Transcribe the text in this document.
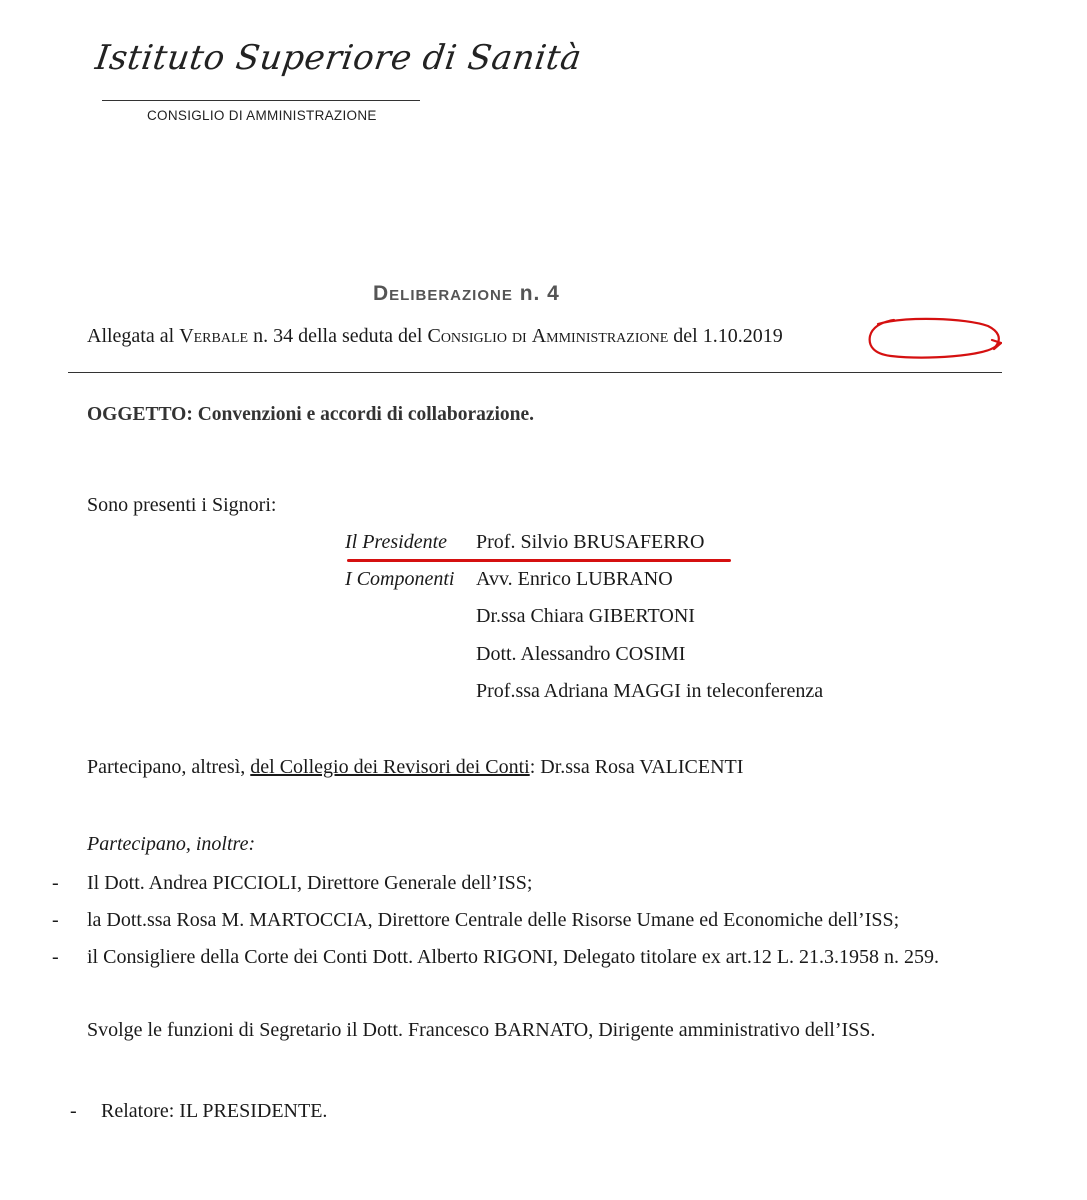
Istituto Superiore di Sanità
CONSIGLIO DI AMMINISTRAZIONE
Deliberazione n. 4
Allegata al Verbale n. 34 della seduta del Consiglio di Amministrazione del 1.10.2019
OGGETTO: Convenzioni e accordi di collaborazione.
Sono presenti i Signori:
Il Presidente Prof. Silvio BRUSAFERRO
I Componenti Avv. Enrico LUBRANO
Dr.ssa Chiara GIBERTONI
Dott. Alessandro COSIMI
Prof.ssa Adriana MAGGI in teleconferenza
Partecipano, altresì, del Collegio dei Revisori dei Conti: Dr.ssa Rosa VALICENTI
Partecipano, inoltre:
- Il Dott. Andrea PICCIOLI, Direttore Generale dell’ISS;
- la Dott.ssa Rosa M. MARTOCCIA, Direttore Centrale delle Risorse Umane ed Economiche dell’ISS;
- il Consigliere della Corte dei Conti Dott. Alberto RIGONI, Delegato titolare ex art.12 L. 21.3.1958 n. 259.
Svolge le funzioni di Segretario il Dott. Francesco BARNATO, Dirigente amministrativo dell’ISS.
- Relatore: IL PRESIDENTE.
